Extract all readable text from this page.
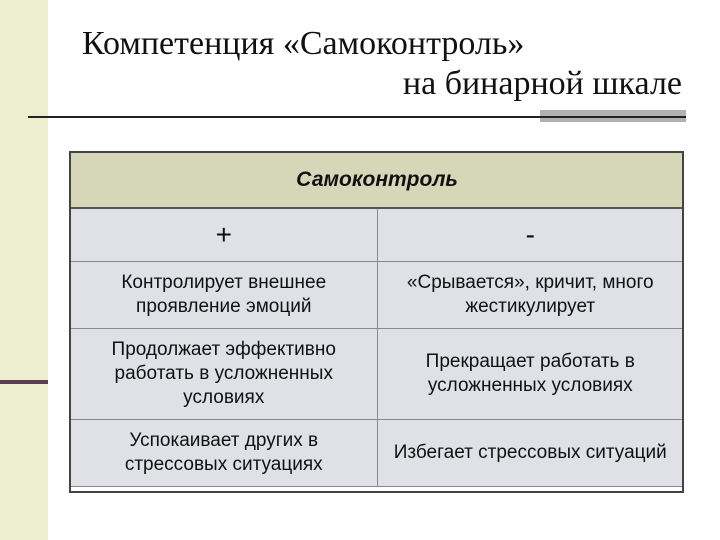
Компетенция «Самоконтроль»
на бинарной шкале
Самоконтроль	
+	-
Контролирует внешнее проявление эмоций	«Срывается», кричит, много жестикулирует
Продолжает эффективно работать в усложненных условиях	Прекращает работать в усложненных условиях
Успокаивает других в стрессовых ситуациях	Избегает стрессовых ситуаций
